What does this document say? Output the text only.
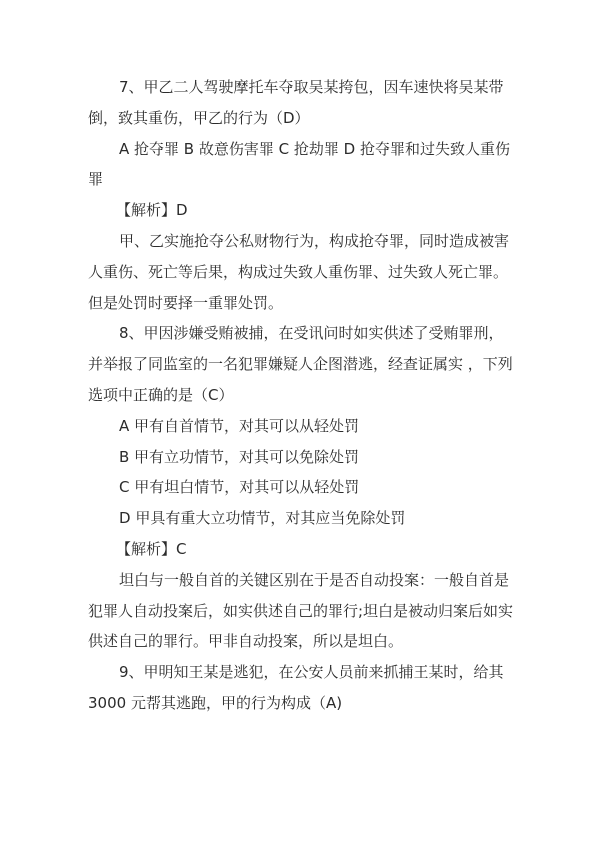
7、甲乙二人驾驶摩托车夺取吴某挎包，因车速快将吴某带倒，致其重伤，甲乙的行为（D）

A 抢夺罪 B 故意伤害罪 C 抢劫罪 D 抢夺罪和过失致人重伤罪

【解析】D

甲、乙实施抢夺公私财物行为，构成抢夺罪，同时造成被害人重伤、死亡等后果，构成过失致人重伤罪、过失致人死亡罪。但是处罚时要择一重罪处罚。

8、甲因涉嫌受贿被捕，在受讯问时如实供述了受贿罪刑，并举报了同监室的一名犯罪嫌疑人企图潜逃，经查证属实 ，下列选项中正确的是（C）

A 甲有自首情节，对其可以从轻处罚

B 甲有立功情节，对其可以免除处罚

C 甲有坦白情节，对其可以从轻处罚

D 甲具有重大立功情节，对其应当免除处罚

【解析】C

坦白与一般自首的关键区别在于是否自动投案：一般自首是犯罪人自动投案后，如实供述自己的罪行;坦白是被动归案后如实供述自己的罪行。甲非自动投案，所以是坦白。

9、甲明知王某是逃犯，在公安人员前来抓捕王某时，给其 3000 元帮其逃跑，甲的行为构成（A)
